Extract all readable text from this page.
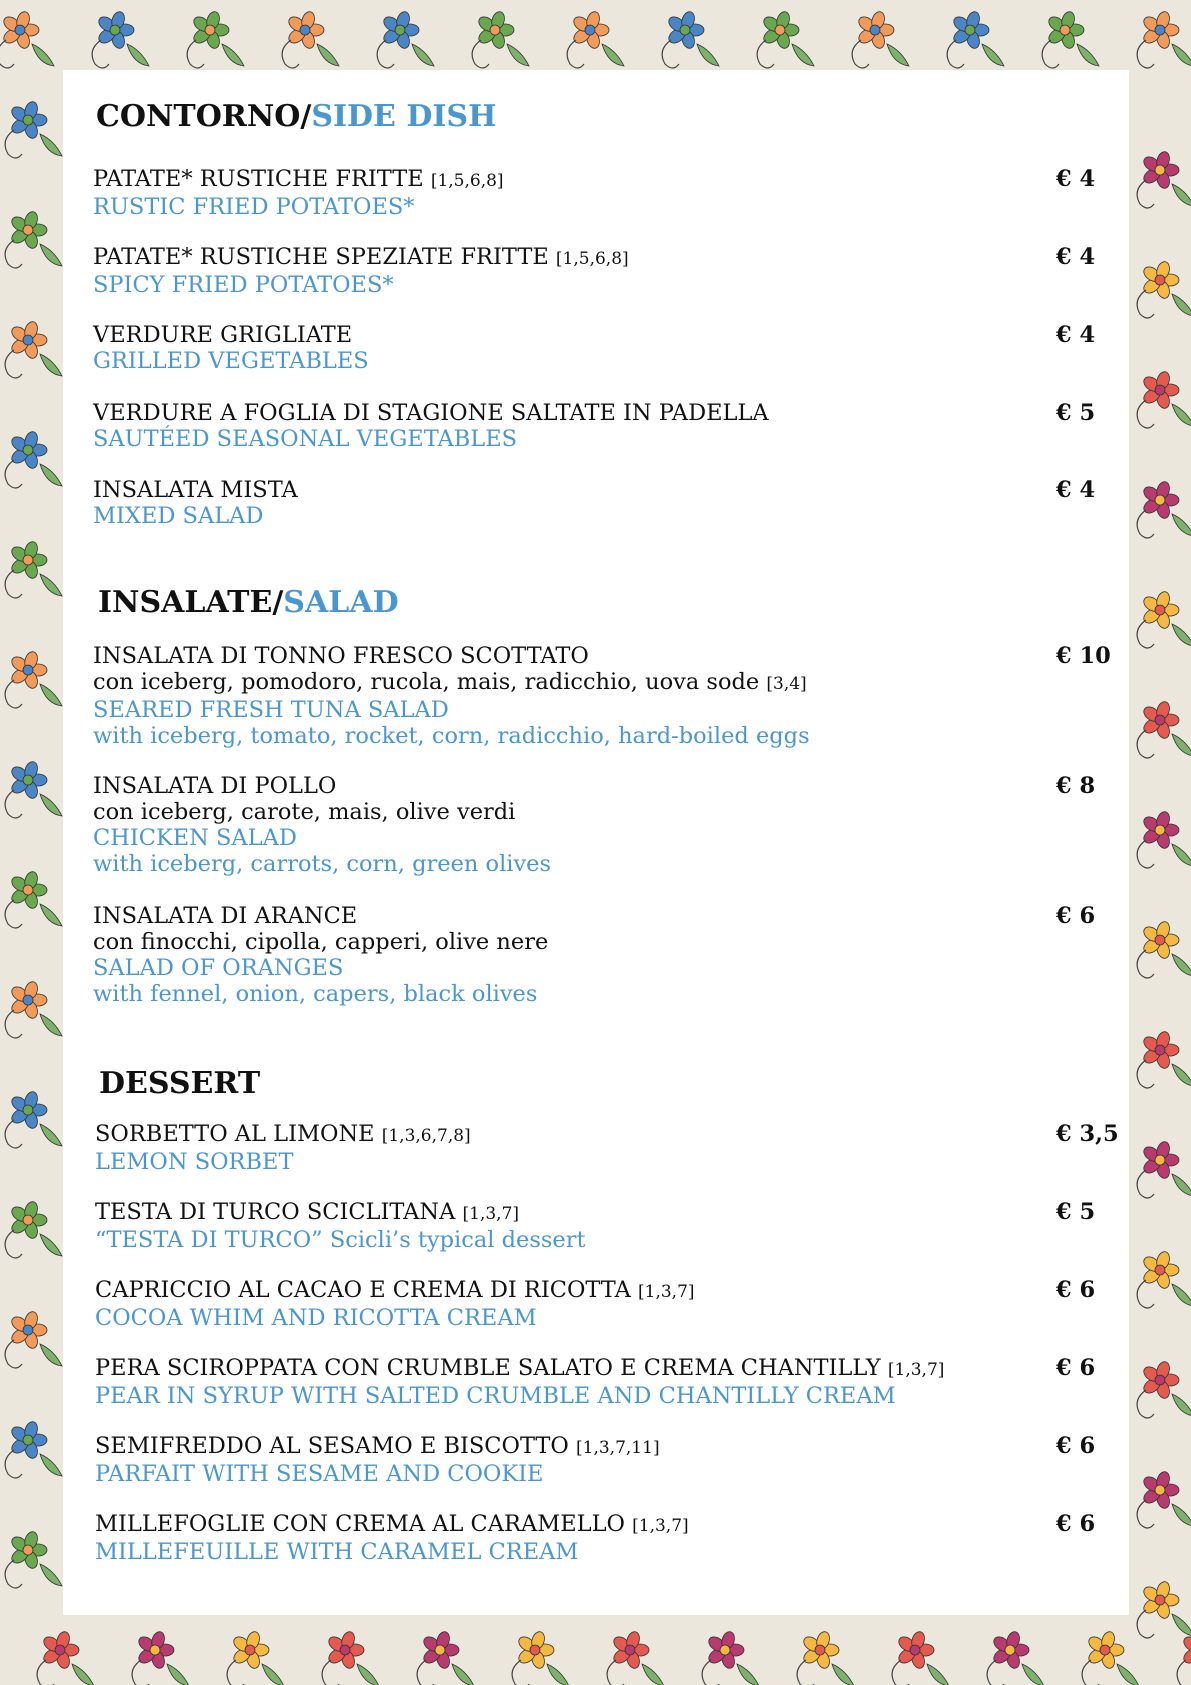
CONTORNO/SIDE DISH
PATATE* RUSTICHE FRITTE [1,5,6,8]
RUSTIC FRIED POTATOES*
€ 4
PATATE* RUSTICHE SPEZIATE FRITTE [1,5,6,8]
SPICY FRIED POTATOES*
€ 4
VERDURE GRIGLIATE
GRILLED VEGETABLES
€ 4
VERDURE A FOGLIA DI STAGIONE SALTATE IN PADELLA
SAUTÉED SEASONAL VEGETABLES
€ 5
INSALATA MISTA
MIXED SALAD
€ 4
INSALATE/SALAD
INSALATA DI TONNO FRESCO SCOTTATO
con iceberg, pomodoro, rucola, mais, radicchio, uova sode [3,4]
SEARED FRESH TUNA SALAD
with iceberg, tomato, rocket, corn, radicchio, hard-boiled eggs
€ 10
INSALATA DI POLLO
con iceberg, carote, mais, olive verdi
CHICKEN SALAD
with iceberg, carrots, corn, green olives
€ 8
INSALATA DI ARANCE
con finocchi, cipolla, capperi, olive nere
SALAD OF ORANGES
with fennel, onion, capers, black olives
€ 6
DESSERT
SORBETTO AL LIMONE [1,3,6,7,8]
LEMON SORBET
€ 3,5
TESTA DI TURCO SCICLITANA [1,3,7]
“TESTA DI TURCO” Scicli’s typical dessert
€ 5
CAPRICCIO AL CACAO E CREMA DI RICOTTA [1,3,7]
COCOA WHIM AND RICOTTA CREAM
€ 6
PERA SCIROPPATA CON CRUMBLE SALATO E CREMA CHANTILLY [1,3,7]
PEAR IN SYRUP WITH SALTED CRUMBLE AND CHANTILLY CREAM
€ 6
SEMIFREDDO AL SESAMO E BISCOTTO [1,3,7,11]
PARFAIT WITH SESAME AND COOKIE
€ 6
MILLEFOGLIE CON CREMA AL CARAMELLO [1,3,7]
MILLEFEUILLE WITH CARAMEL CREAM
€ 6
